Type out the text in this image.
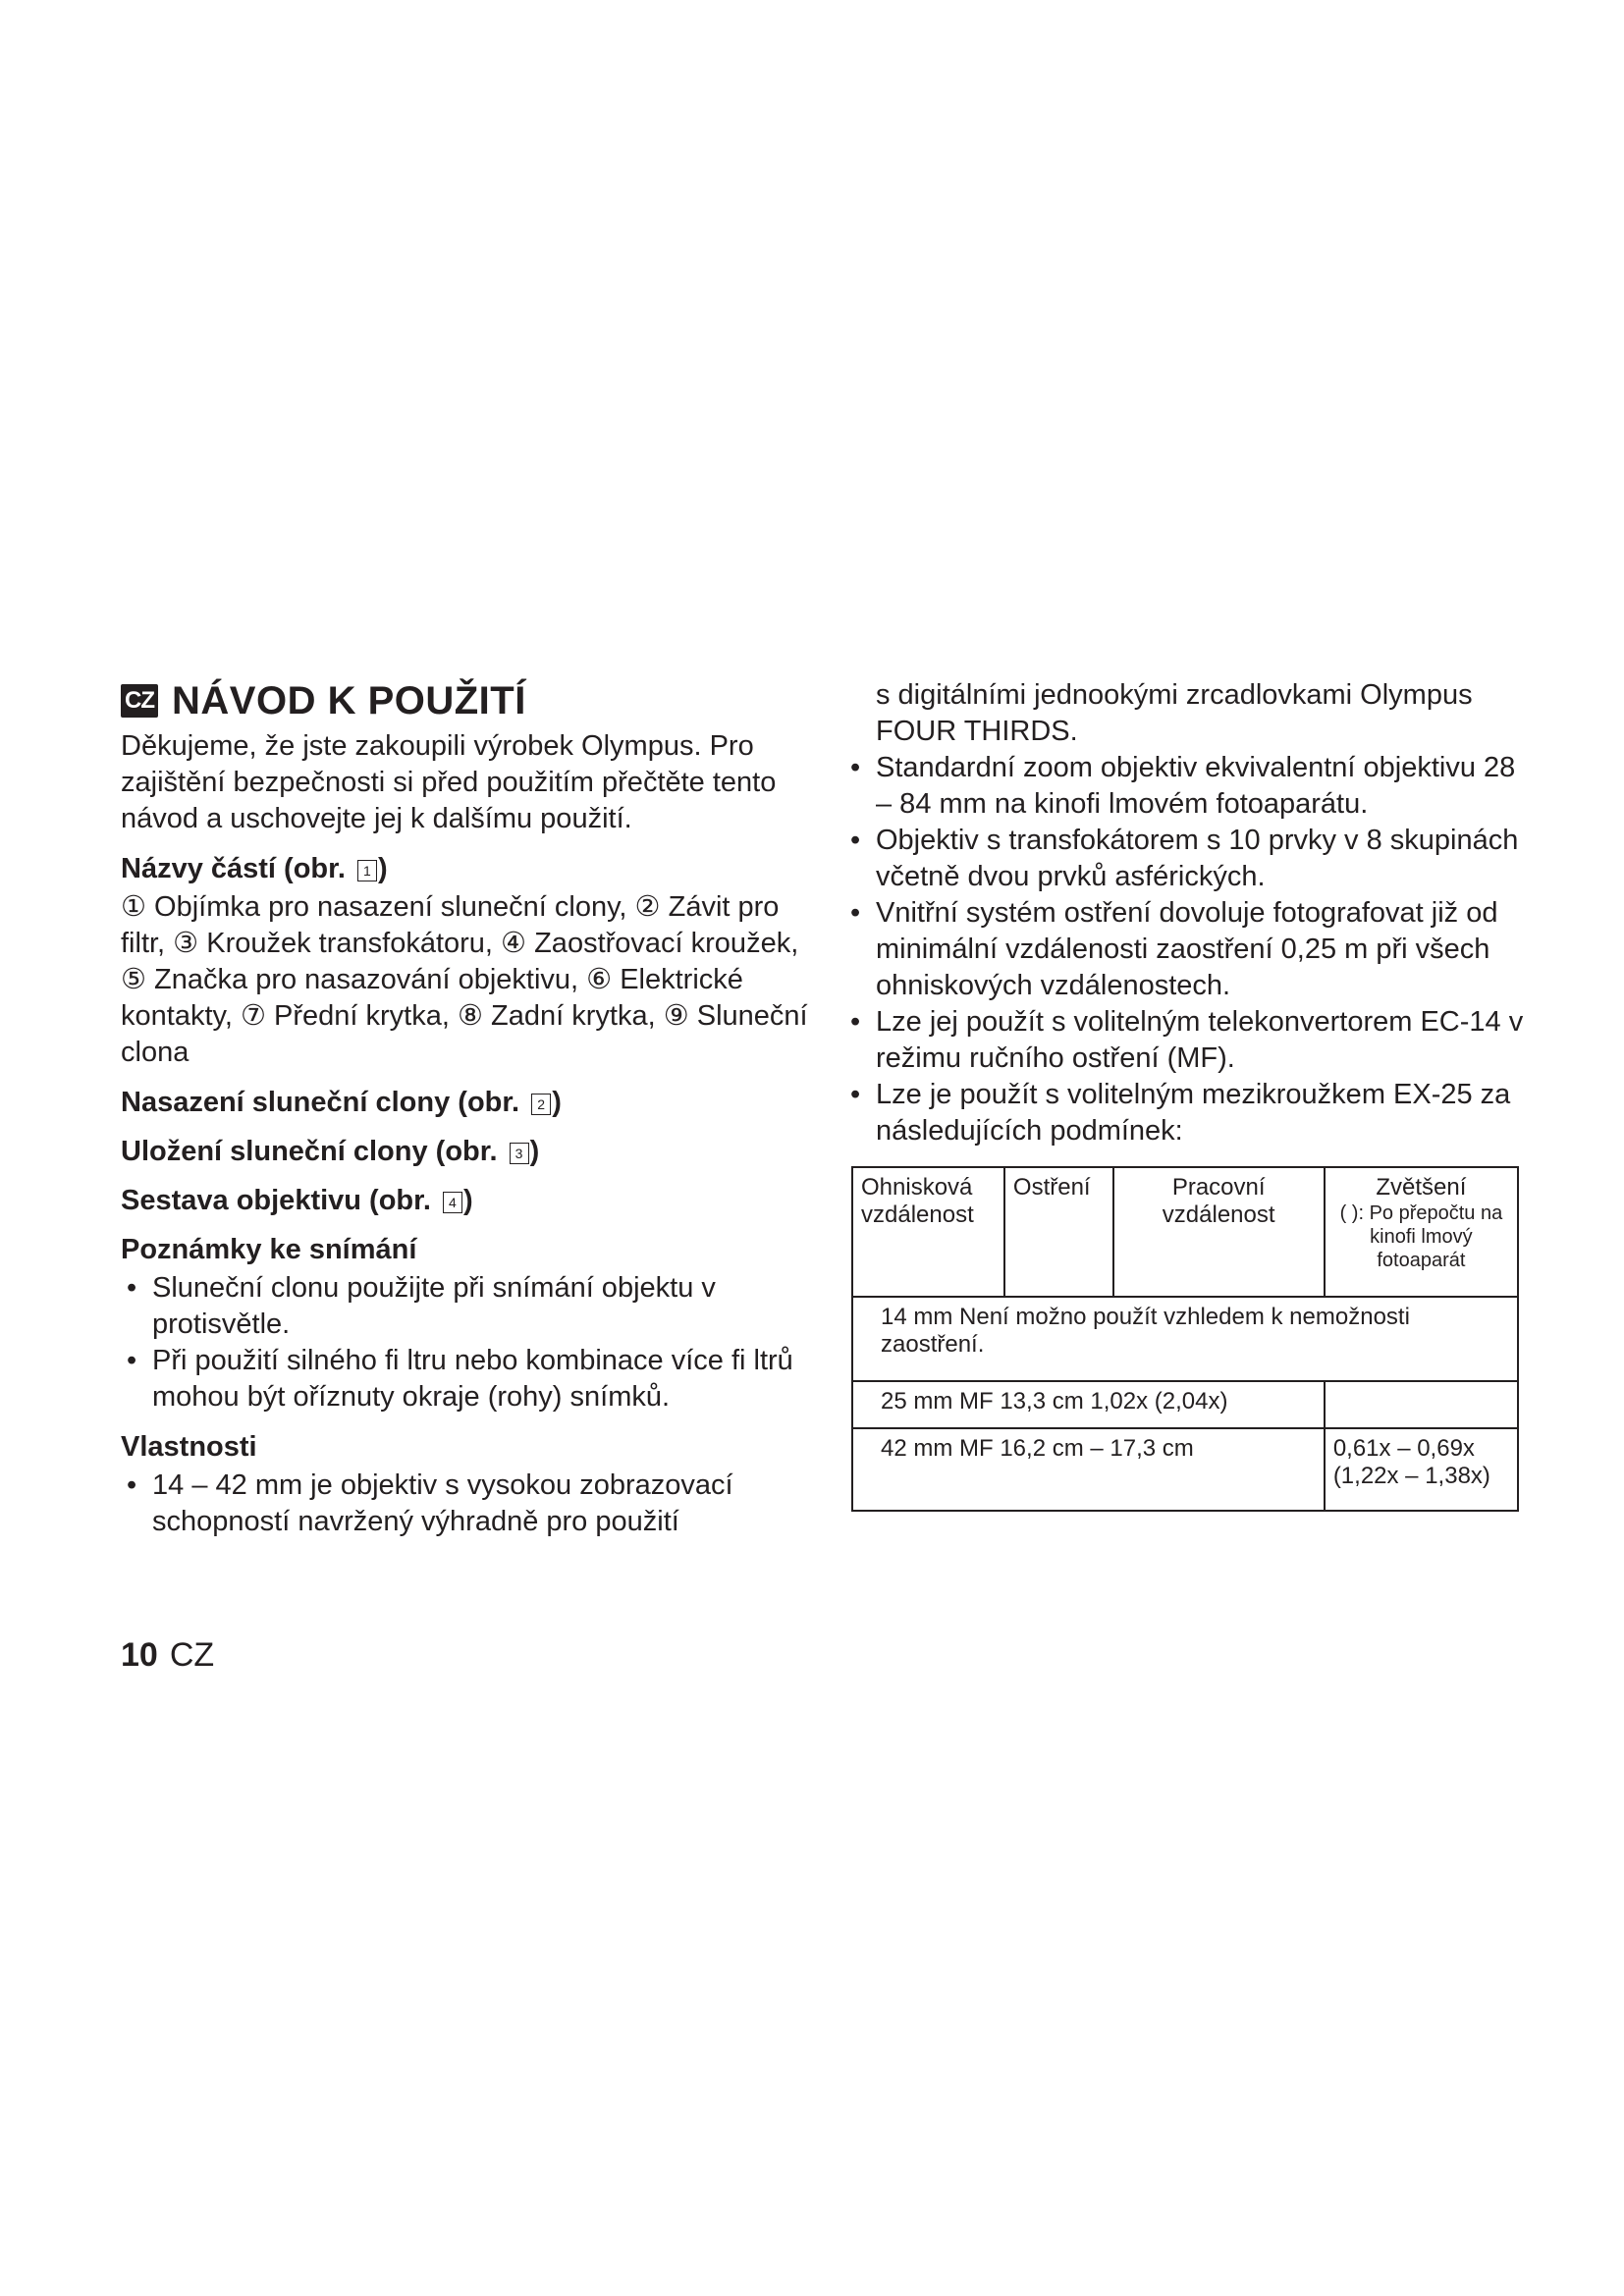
CZ NÁVOD K POUŽITÍ

Děkujeme, že jste zakoupili výrobek Olympus. Pro zajištění bezpečnosti si před použitím přečtěte tento návod a uschovejte jej k dalšímu použití.

Názvy částí (obr. 1 )

① Objímka pro nasazení sluneční clony, ② Závit pro filtr, ③ Kroužek transfokátoru, ④ Zaostřovací kroužek, ⑤ Značka pro nasazování objektivu, ⑥ Elektrické kontakty, ⑦ Přední krytka, ⑧ Zadní krytka, ⑨ Sluneční clona

Nasazení sluneční clony (obr. 2 )
Uložení sluneční clony (obr. 3 )
Sestava objektivu (obr. 4 )
Poznámky ke snímání
• Sluneční clonu použijte při snímání objektu v protisvětle.
• Při použití silného fi ltru nebo kombinace více fi ltrů mohou být oříznuty okraje (rohy) snímků.
Vlastnosti
• 14 – 42 mm je objektiv s vysokou zobrazovací schopností navržený výhradně pro použití

s digitálními jednookými zrcadlovkami Olympus FOUR THIRDS.

• Standardní zoom objektiv ekvivalentní objektivu 28 – 84 mm na kinofi lmovém fotoaparátu.
• Objektiv s transfokátorem s 10 prvky v 8 skupinách včetně dvou prvků asférických.
• Vnitřní systém ostření dovoluje fotografovat již od minimální vzdálenosti zaostření 0,25 m při všech ohniskových vzdálenostech.
• Lze jej použít s volitelným telekonvertorem EC-14 v režimu ručního ostření (MF).
• Lze je použít s volitelným mezikroužkem EX-25 za následujících podmínek:
Ohnisková vzdálenost	Ostření	Pracovní vzdálenost	Zvětšení
( ): Po přepočtu na kinofi lmový fotoaparát

14 mm Není možno použít vzhledem k nemožnosti zaostření.			
25 mm MF 13,3 cm 1,02x (2,04x)			
42 mm MF 16,2 cm – 17,3 cm			0,61x – 0,69x (1,22x – 1,38x)
10 CZ
